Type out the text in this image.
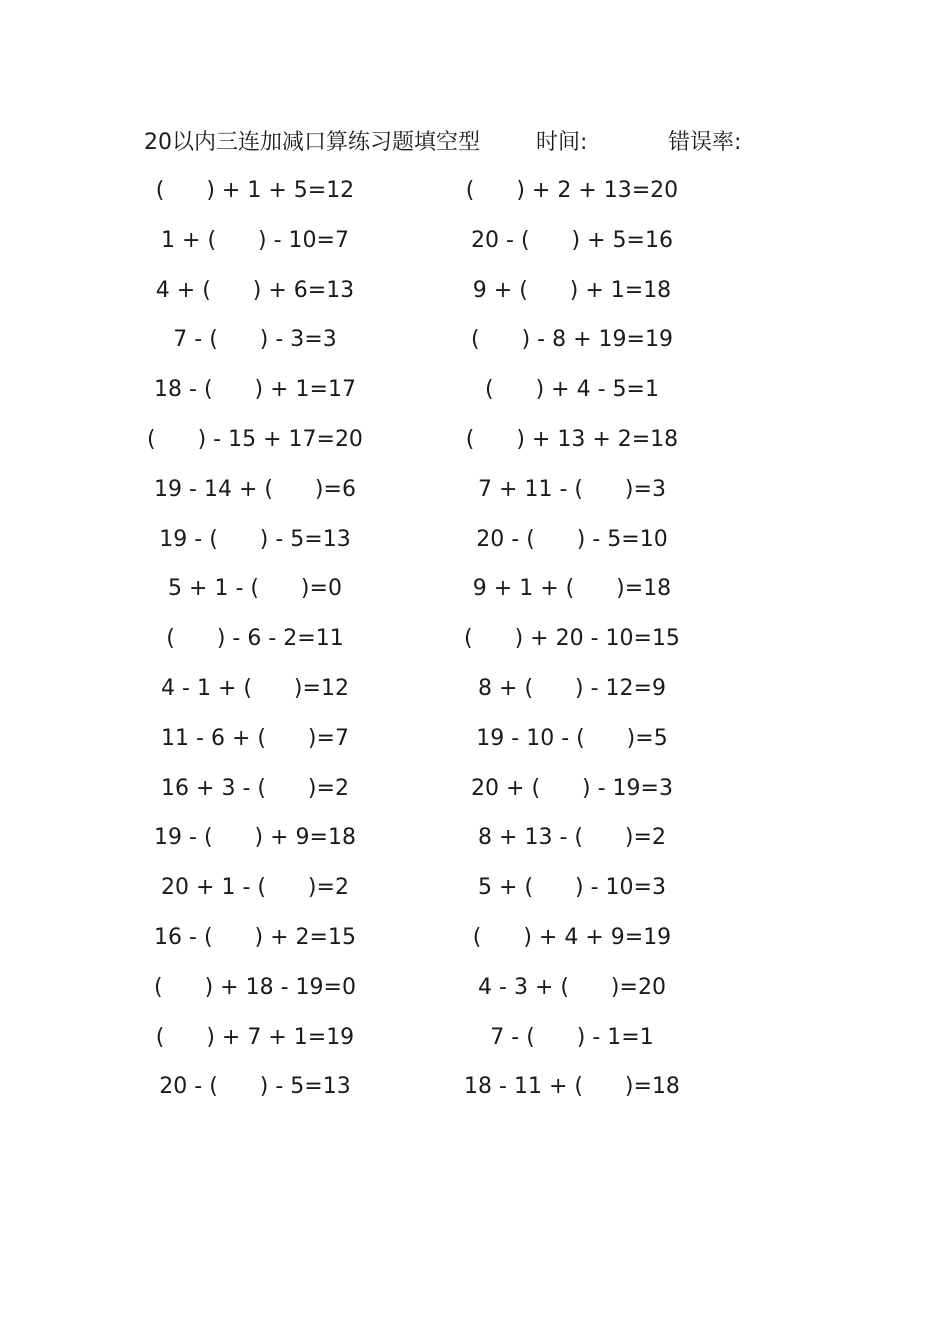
20以内三连加减口算练习题填空型	时间:	错误率:
(      ) + 1 + 5=12
1 + (      ) - 10=7
4 + (      ) + 6=13
7 - (      ) - 3=3
18 - (      ) + 1=17
(      ) - 15 + 17=20
19 - 14 + (      )=6
19 - (      ) - 5=13
5 + 1 - (      )=0
(      ) - 6 - 2=11
4 - 1 + (      )=12
11 - 6 + (      )=7
16 + 3 - (      )=2
19 - (      ) + 9=18
20 + 1 - (      )=2
16 - (      ) + 2=15
(      ) + 18 - 19=0
(      ) + 7 + 1=19
20 - (      ) - 5=13
(      ) + 2 + 13=20
20 - (      ) + 5=16
9 + (      ) + 1=18
(      ) - 8 + 19=19
(      ) + 4 - 5=1
(      ) + 13 + 2=18
7 + 11 - (      )=3
20 - (      ) - 5=10
9 + 1 + (      )=18
(      ) + 20 - 10=15
8 + (      ) - 12=9
19 - 10 - (      )=5
20 + (      ) - 19=3
8 + 13 - (      )=2
5 + (      ) - 10=3
(      ) + 4 + 9=19
4 - 3 + (      )=20
7 - (      ) - 1=1
18 - 11 + (      )=18
